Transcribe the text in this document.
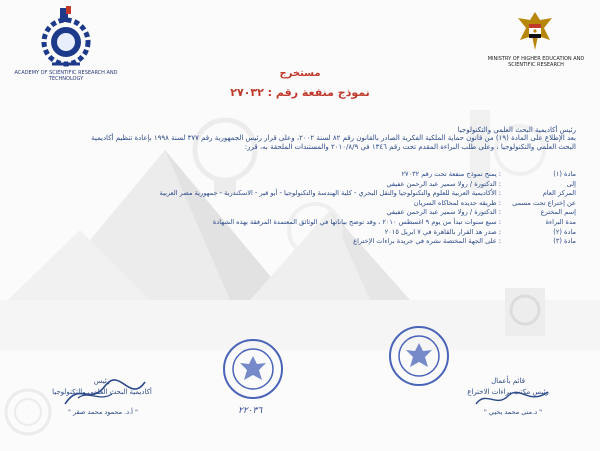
ACADEMY OF SCIENTIFIC RESEARCH AND TECHNOLOGY
MINISTRY OF HIGHER EDUCATION AND SCIENTIFIC RESEARCH
مستخرج
نموذج منفعة رقم : ٢٧٠٣٢
رئيس أكاديمية البحث العلمي والتكنولوجيا
بعد الإطلاع على المادة (١٩) من قانون حماية الملكية الفكرية الصادر بالقانون رقم ٨٢ لسنة ٢٠٠٢، وعلى قرار رئيس الجمهورية رقم ٣٧٧ لسنة ١٩٩٨ بإعادة تنظيم أكاديمية
البحث العلمي والتكنولوجيا ، وعلى طلب البراءة المقدم تحت رقم ١٣٤٦ في ٢٠١٠/٨/٩ والمستندات الملحقة به، قرر:
مادة (١)
: يمنح نموذج منفعة تحت رقم ٢٧٠٣٢
إلى
: الدكتورة / رولا سمير عبد الرحمن عفيفي
المركز العام
: الأكاديمية العربية للعلوم والتكنولوجيا والنقل البحري - كلية الهندسة والتكنولوجيا - أبو قير - الاسكندرية - جمهورية مصر العربية
عن إختراع تحت مسمى
: طريقه جديده لمحاكاه السريان
إسم المخترع
: الدكتورة / رولا سمير عبد الرحمن عفيفي
مدة البراءة
: سبع سنوات تبدأ من يوم ٩ اغسطس ٢٠١٠ ، وقد توضح بياناتها في الوثائق المعتمدة المرفقة بهذه الشهادة
مادة (٢)
: صدر هذ القرار بالقاهرة في ٧ ابريل ٢٠١٥
مادة (٣)
: على الجهة المختصة نشره في جريدة براءات الإختراع
٢٢٠٣٦
رئيس
أكاديمية البحث العلمي والتكنولوجيا
" أ.د. محمود محمد صقر "
قائم بأعمال
رئيس مكتب براءات الاختراع
" د.منى محمد يحيي "
